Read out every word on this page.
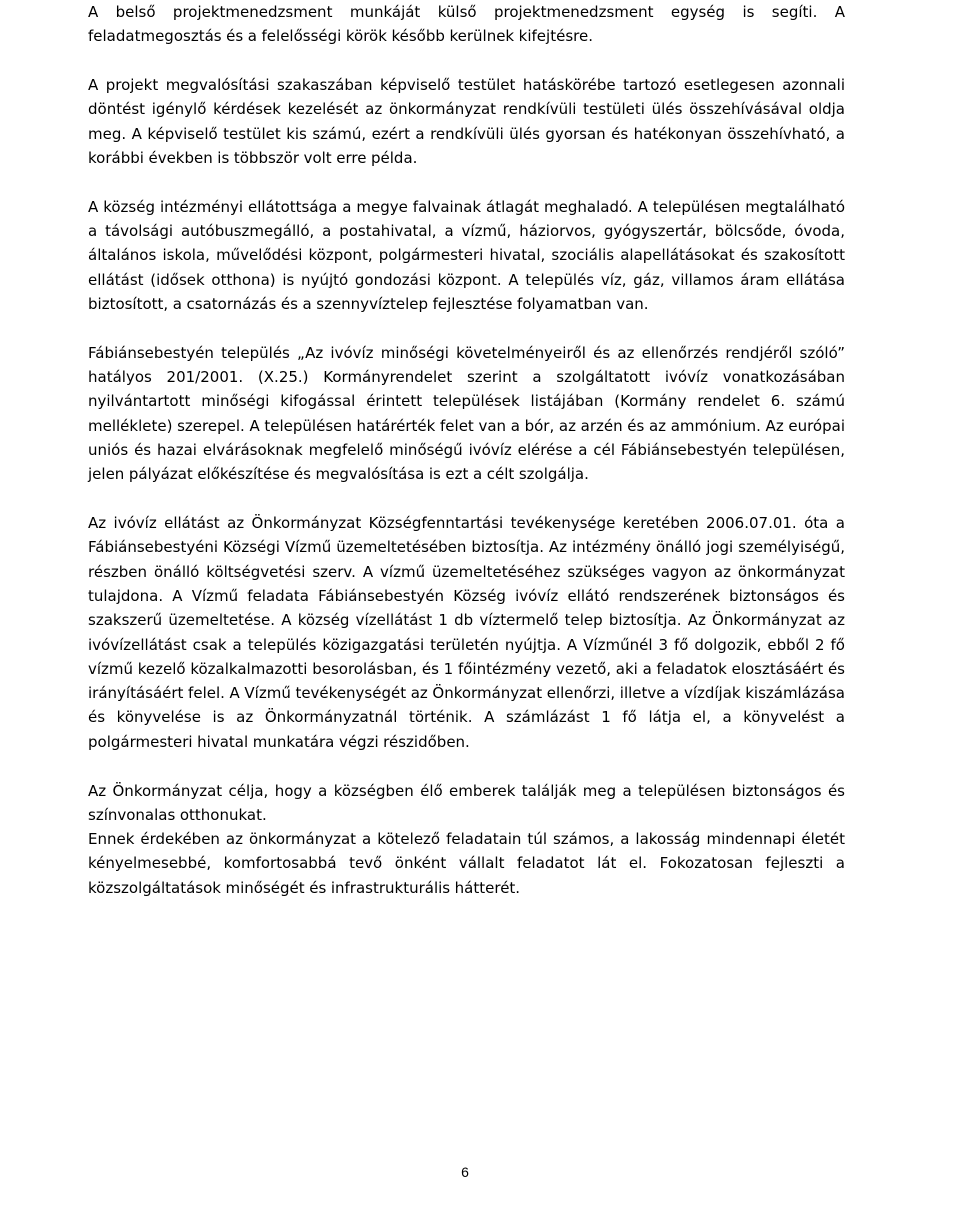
A belső projektmenedzsment munkáját külső projektmenedzsment egység is segíti. A feladatmegosztás és a felelősségi körök később kerülnek kifejtésre.

A projekt megvalósítási szakaszában képviselő testület hatáskörébe tartozó esetlegesen azonnali döntést igénylő kérdések kezelését az önkormányzat rendkívüli testületi ülés összehívásával oldja meg. A képviselő testület kis számú, ezért a rendkívüli ülés gyorsan és hatékonyan összehívható, a korábbi években is többször volt erre példa.

A község intézményi ellátottsága a megye falvainak átlagát meghaladó. A településen megtalálható a távolsági autóbuszmegálló, a postahivatal, a vízmű, háziorvos, gyógyszertár, bölcsőde, óvoda, általános iskola, művelődési központ, polgármesteri hivatal, szociális alapellátásokat és szakosított ellátást (idősek otthona) is nyújtó gondozási központ. A település víz, gáz, villamos áram ellátása biztosított, a csatornázás és a szennyvíztelep fejlesztése folyamatban van.

Fábiánsebestyén település „Az ivóvíz minőségi követelményeiről és az ellenőrzés rendjéről szóló” hatályos 201/2001. (X.25.) Kormányrendelet szerint a szolgáltatott ivóvíz vonatkozásában nyilvántartott minőségi kifogással érintett települések listájában (Kormány rendelet 6. számú melléklete) szerepel. A településen határérték felet van a bór, az arzén és az ammónium. Az európai uniós és hazai elvárásoknak megfelelő minőségű ivóvíz elérése a cél Fábiánsebestyén településen, jelen pályázat előkészítése és megvalósítása is ezt a célt szolgálja.

Az ivóvíz ellátást az Önkormányzat Községfenntartási tevékenysége keretében 2006.07.01. óta a Fábiánsebestyéni Községi Vízmű üzemeltetésében biztosítja. Az intézmény önálló jogi személyiségű, részben önálló költségvetési szerv. A vízmű üzemeltetéséhez szükséges vagyon az önkormányzat tulajdona. A Vízmű feladata Fábiánsebestyén Község ivóvíz ellátó rendszerének biztonságos és szakszerű üzemeltetése. A község vízellátást 1 db víztermelő telep biztosítja. Az Önkormányzat az ivóvízellátást csak a település közigazgatási területén nyújtja. A Vízműnél 3 fő dolgozik, ebből 2 fő vízmű kezelő közalkalmazotti besorolásban, és 1 főintézmény vezető, aki a feladatok elosztásáért és irányításáért felel. A Vízmű tevékenységét az Önkormányzat ellenőrzi, illetve a vízdíjak kiszámlázása és könyvelése is az Önkormányzatnál történik. A számlázást 1 fő látja el, a könyvelést a polgármesteri hivatal munkatára végzi részidőben.

Az Önkormányzat célja, hogy a községben élő emberek találják meg a településen biztonságos és színvonalas otthonukat.

Ennek érdekében az önkormányzat a kötelező feladatain túl számos, a lakosság mindennapi életét kényelmesebbé, komfortosabbá tevő önként vállalt feladatot lát el. Fokozatosan fejleszti a közszolgáltatások minőségét és infrastrukturális hátterét.

6
